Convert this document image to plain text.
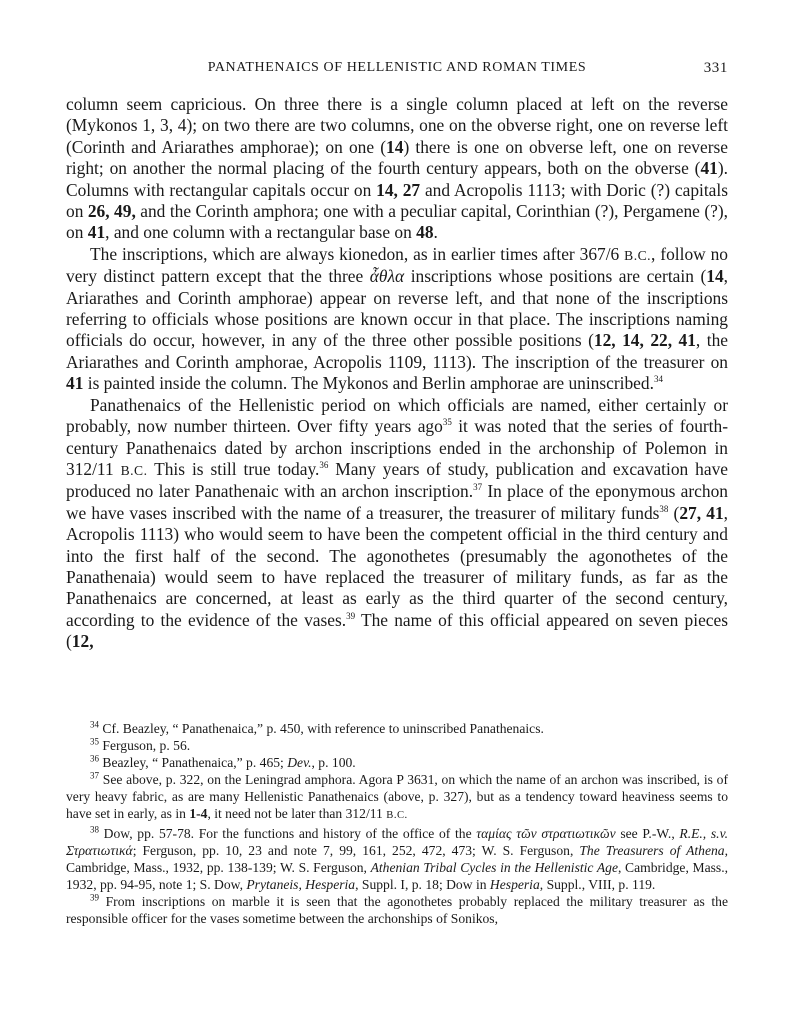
PANATHENAICS OF HELLENISTIC AND ROMAN TIMES	331

column seem capricious. On three there is a single column placed at left on the reverse (Mykonos 1, 3, 4); on two there are two columns, one on the obverse right, one on reverse left (Corinth and Ariarathes amphorae); on one (14) there is one on obverse left, one on reverse right; on another the normal placing of the fourth century appears, both on the obverse (41). Columns with rectangular capitals occur on 14, 27 and Acropolis 1113; with Doric (?) capitals on 26, 49, and the Corinth amphora; one with a peculiar capital, Corinthian (?), Pergamene (?), on 41, and one column with a rectangular base on 48.

The inscriptions, which are always kionedon, as in earlier times after 367/6 B.C., follow no very distinct pattern except that the three ἆθλα inscriptions whose positions are certain (14, Ariarathes and Corinth amphorae) appear on reverse left, and that none of the inscriptions referring to officials whose positions are known occur in that place. The inscriptions naming officials do occur, however, in any of the three other possible positions (12, 14, 22, 41, the Ariarathes and Corinth amphorae, Acropolis 1109, 1113). The inscription of the treasurer on 41 is painted inside the column. The Mykonos and Berlin amphorae are uninscribed.$^{34}$

Panathenaics of the Hellenistic period on which officials are named, either certainly or probably, now number thirteen. Over fifty years ago$^{35}$ it was noted that the series of fourth-century Panathenaics dated by archon inscriptions ended in the archonship of Polemon in 312/11 B.C. This is still true today.$^{36}$ Many years of study, publication and excavation have produced no later Panathenaic with an archon inscription.$^{37}$ In place of the eponymous archon we have vases inscribed with the name of a treasurer, the treasurer of military funds$^{38}$ (27, 41, Acropolis 1113) who would seem to have been the competent official in the third century and into the first half of the second. The agonothetes (presumably the agonothetes of the Panathenaia) would seem to have replaced the treasurer of military funds, as far as the Panathenaics are concerned, at least as early as the third quarter of the second century, according to the evidence of the vases.$^{39}$ The name of this official appeared on seven pieces (12,

$^{34}$ Cf. Beazley, “ Panathenaica,” p. 450, with reference to uninscribed Panathenaics.

$^{35}$ Ferguson, p. 56.

$^{36}$ Beazley, “ Panathenaica,” p. 465; Dev., p. 100.

$^{37}$ See above, p. 322, on the Leningrad amphora. Agora P 3631, on which the name of an archon was inscribed, is of very heavy fabric, as are many Hellenistic Panathenaics (above, p. 327), but as a tendency toward heaviness seems to have set in early, as in 1-4, it need not be later than 312/11 B.C.

$^{38}$ Dow, pp. 57-78. For the functions and history of the office of the ταμίας τῶν στρατιωτικῶν see P.-W., R.E., s.v. Στρατιωτικά; Ferguson, pp. 10, 23 and note 7, 99, 161, 252, 472, 473; W. S. Ferguson, The Treasurers of Athena, Cambridge, Mass., 1932, pp. 138-139; W. S. Ferguson, Athenian Tribal Cycles in the Hellenistic Age, Cambridge, Mass., 1932, pp. 94-95, note 1; S. Dow, Prytaneis, Hesperia, Suppl. I, p. 18; Dow in Hesperia, Suppl., VIII, p. 119.

$^{39}$ From inscriptions on marble it is seen that the agonothetes probably replaced the military treasurer as the responsible officer for the vases sometime between the archonships of Sonikos,
